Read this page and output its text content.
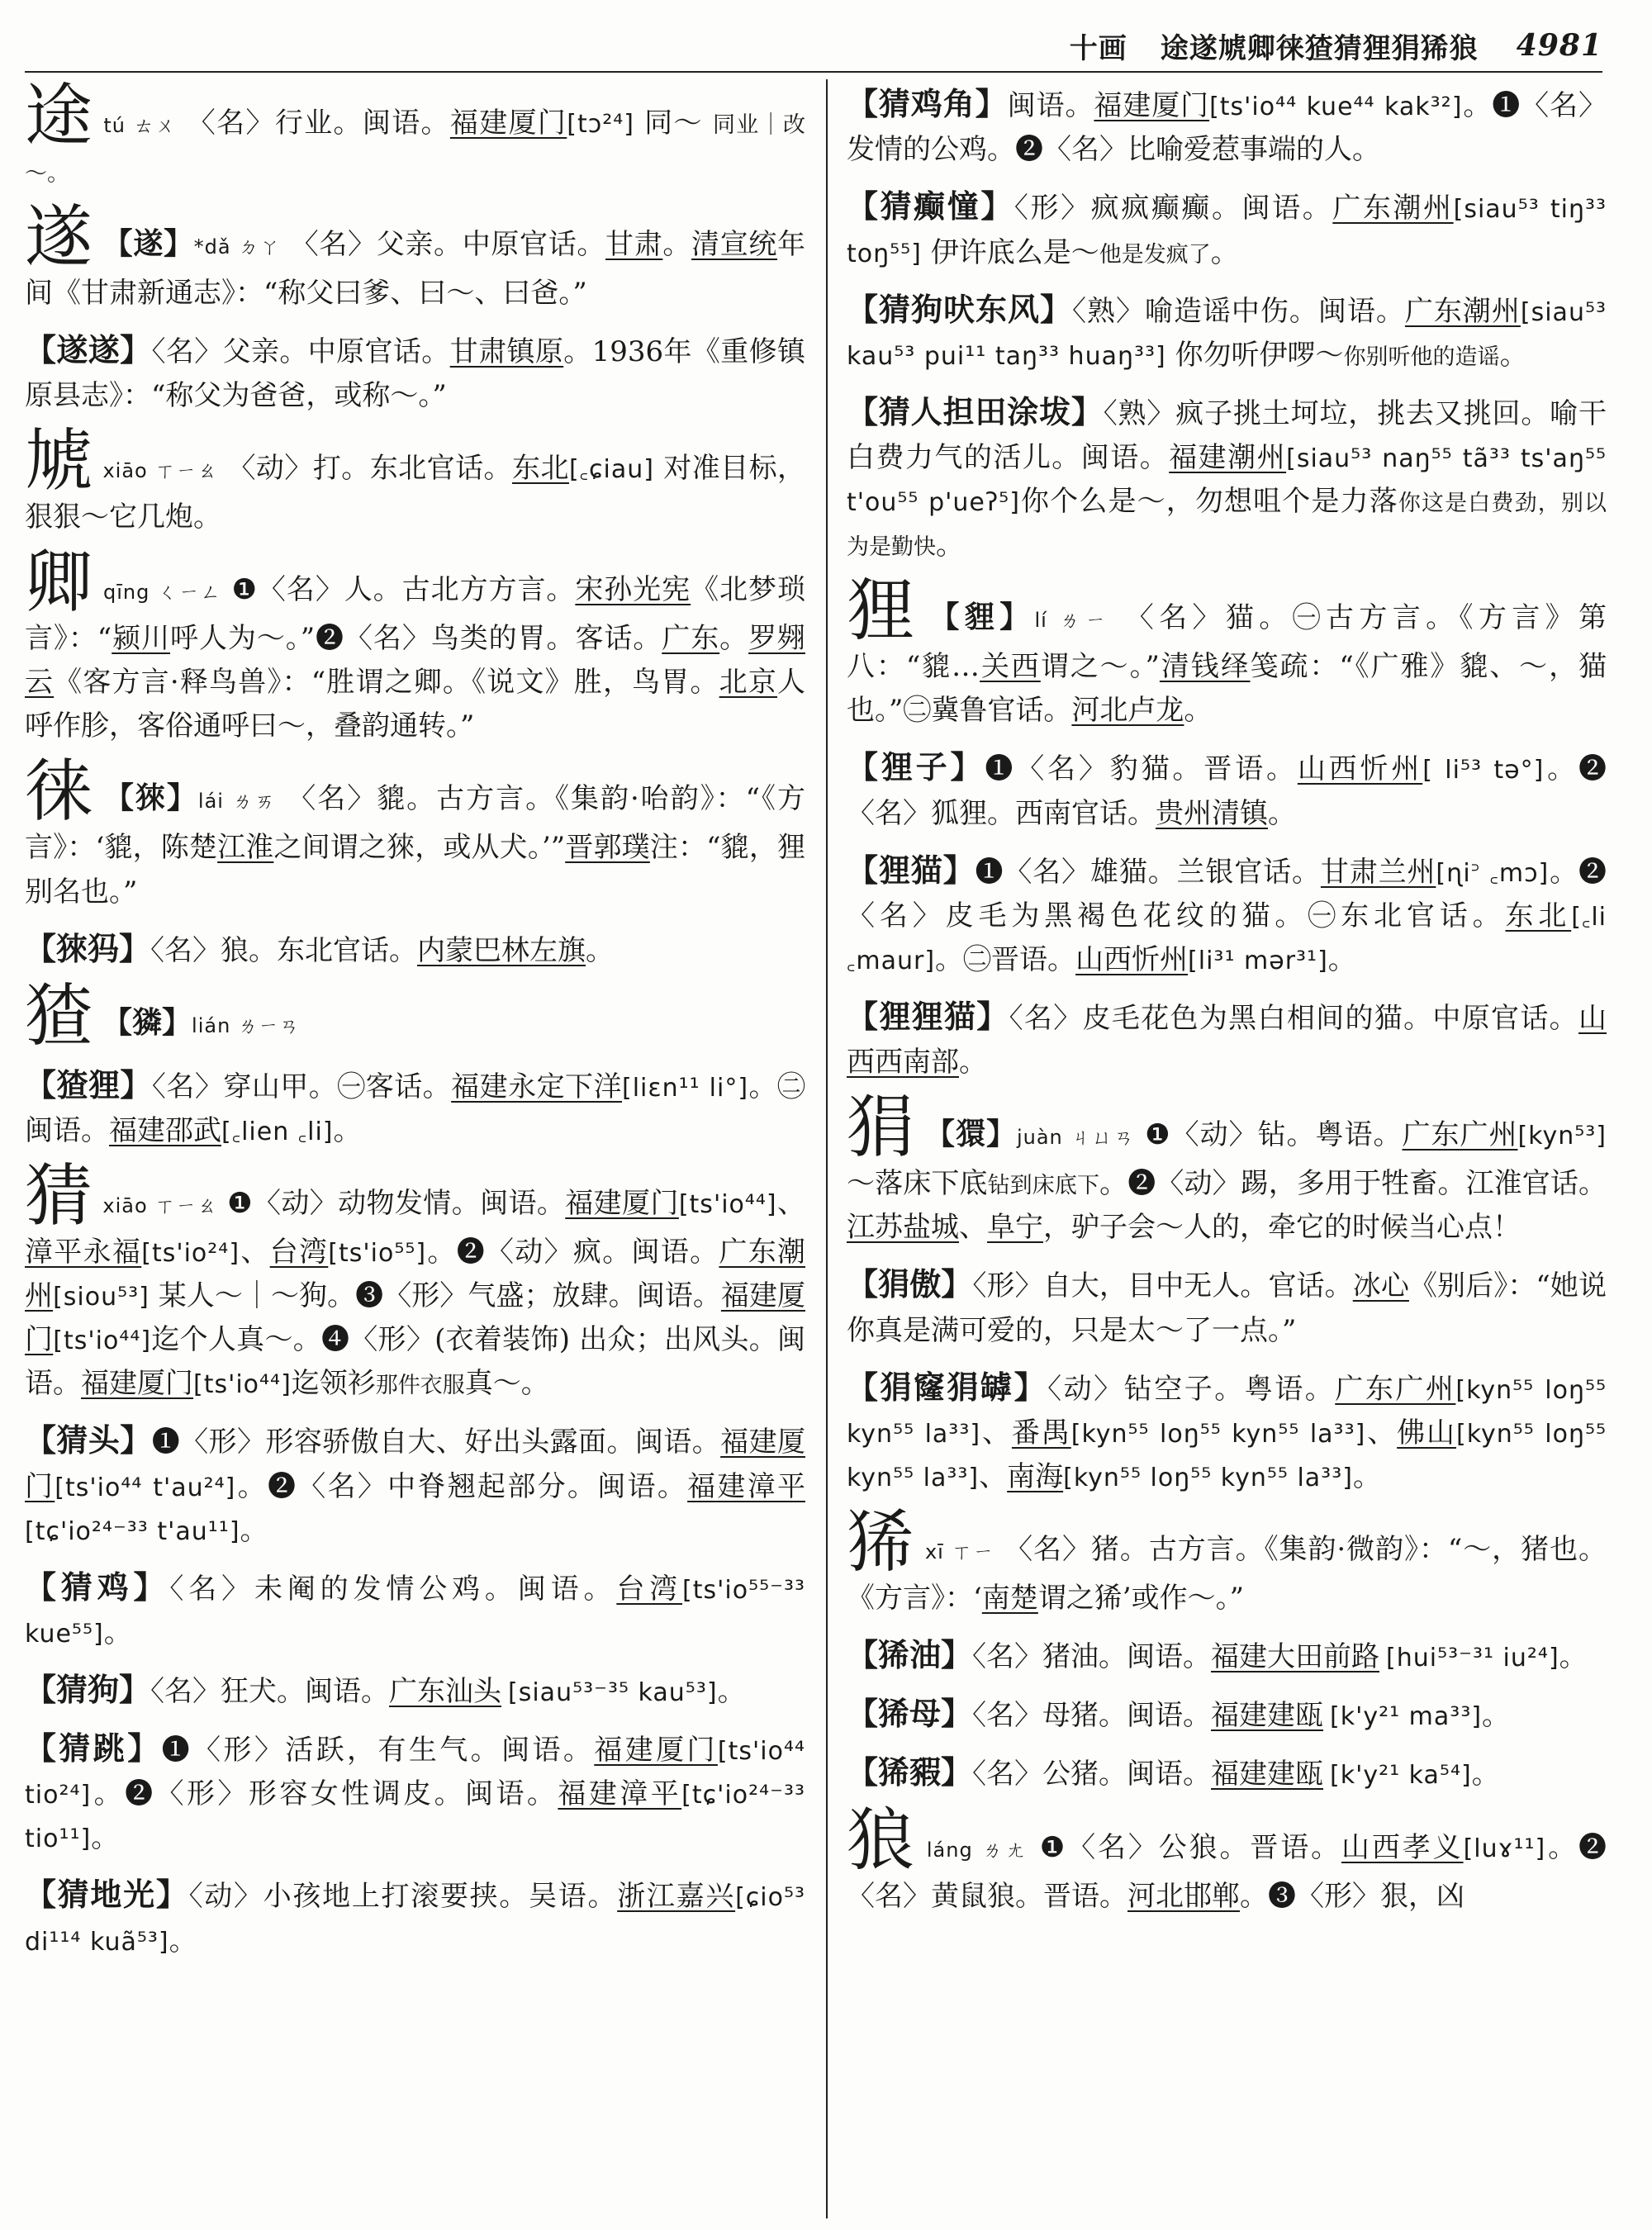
十画 途遂虓卿徕猹猜狸狷狶狼 4981

途tú ㄊㄨ 〈名〉行业。闽语。福建厦门[tɔ²⁴] 同～ 同业｜改～。

遂 【遂】*dǎ ㄉㄚ 〈名〉父亲。中原官话。甘肃。清宣统年间《甘肃新通志》：“称父曰爹、曰～、曰爸。”

【遂遂】〈名〉父亲。中原官话。甘肃镇原。1936年《重修镇原县志》：“称父为爸爸，或称～。”

虓xiāo ㄒㄧㄠ 〈动〉打。东北官话。东北[꜀ɕiau] 对准目标，狠狠～它几炮。

卿qīng ㄑㄧㄥ ❶〈名〉人。古北方方言。宋孙光宪《北梦琐言》：“颍川呼人为～。”❷〈名〉鸟类的胃。客话。广东。罗翙云《客方言·释鸟兽》：“胜谓之卿。《说文》胜，鸟胃。北京人呼作胗，客俗通呼曰～，叠韵通转。”

徕 【猍】lái ㄌㄞ 〈名〉貔。古方言。《集韵·咍韵》：“《方言》：‘貔，陈楚江淮之间谓之猍，或从犬。’”晋郭璞注：“貔，狸别名也。”

【猍犸】〈名〉狼。东北官话。内蒙巴林左旗。

猹 【獜】lián ㄌㄧㄢ

【猹狸】〈名〉穿山甲。㊀客话。福建永定下洋[liɛn¹¹ li°]。㊁闽语。福建邵武[꜀lien ꜀li]。

猜xiāo ㄒㄧㄠ ❶〈动〉动物发情。闽语。福建厦门[ts'io⁴⁴]、漳平永福[ts'io²⁴]、台湾[ts'io⁵⁵]。❷〈动〉疯。闽语。广东潮州[siou⁵³] 某人～｜～狗。❸〈形〉气盛；放肆。闽语。福建厦门[ts'io⁴⁴]迄个人真～。❹〈形〉(衣着装饰) 出众；出风头。闽语。福建厦门[ts'io⁴⁴]迄领衫那件衣服真～。

【猜头】❶〈形〉形容骄傲自大、好出头露面。闽语。福建厦门[ts'io⁴⁴ t'au²⁴]。❷〈名〉中脊翘起部分。闽语。福建漳平[tɕ'io²⁴⁻³³ t'au¹¹]。

【猜鸡】〈名〉未阉的发情公鸡。闽语。台湾[ts'io⁵⁵⁻³³ kue⁵⁵]。

【猜狗】〈名〉狂犬。闽语。广东汕头 [siau⁵³⁻³⁵ kau⁵³]。

【猜跳】❶〈形〉活跃，有生气。闽语。福建厦门[ts'io⁴⁴ tio²⁴]。❷〈形〉形容女性调皮。闽语。福建漳平[tɕ'io²⁴⁻³³ tio¹¹]。

【猜地光】〈动〉小孩地上打滚要挟。吴语。浙江嘉兴[ɕio⁵³ di¹¹⁴ kuã⁵³]。

【猜鸡角】闽语。福建厦门[ts'io⁴⁴ kue⁴⁴ kak³²]。❶〈名〉发情的公鸡。❷〈名〉比喻爱惹事端的人。

【猜癫憧】〈形〉疯疯癫癫。闽语。广东潮州[siau⁵³ tiŋ³³ toŋ⁵⁵] 伊许底么是～他是发疯了。

【猜狗吠东风】〈熟〉喻造谣中伤。闽语。广东潮州[siau⁵³ kau⁵³ pui¹¹ taŋ³³ huaŋ³³] 你勿听伊啰～你别听他的造谣。

【猜人担田涂坺】〈熟〉疯子挑土坷垃，挑去又挑回。喻干白费力气的活儿。闽语。福建潮州[siau⁵³ naŋ⁵⁵ tã³³ ts'aŋ⁵⁵ t'ou⁵⁵ p'ueʔ⁵]你个么是～，勿想咀个是力落你这是白费劲，别以为是勤快。

狸 【貍】lí ㄌㄧ 〈名〉猫。㊀古方言。《方言》第八：“貔…关西谓之～。”清钱绎笺疏：“《广雅》貔、～，猫也。”㊁冀鲁官话。河北卢龙。

【狸子】❶〈名〉豹猫。晋语。山西忻州[ li⁵³ tə°]。❷〈名〉狐狸。西南官话。贵州清镇。

【狸猫】❶〈名〉雄猫。兰银官话。甘肃兰州[ɳi꜄ ꜀mɔ]。❷〈名〉皮毛为黑褐色花纹的猫。㊀东北官话。东北[꜀li ꜀maur]。㊁晋语。山西忻州[li³¹ mər³¹]。

【狸狸猫】〈名〉皮毛花色为黑白相间的猫。中原官话。山西西南部。

狷 【獧】juàn ㄐㄩㄢ ❶〈动〉钻。粤语。广东广州[kyn⁵³] ～落床下底钻到床底下。❷〈动〉踢，多用于牲畜。江淮官话。江苏盐城、阜宁，驴子会～人的，牵它的时候当心点！

【狷傲】〈形〉自大，目中无人。官话。冰心《别后》：“她说你真是满可爱的，只是太～了一点。”

【狷窿狷罅】〈动〉钻空子。粤语。广东广州[kyn⁵⁵ loŋ⁵⁵ kyn⁵⁵ la³³]、番禺[kyn⁵⁵ loŋ⁵⁵ kyn⁵⁵ la³³]、佛山[kyn⁵⁵ loŋ⁵⁵ kyn⁵⁵ la³³]、南海[kyn⁵⁵ loŋ⁵⁵ kyn⁵⁵ la³³]。

狶xī ㄒㄧ 〈名〉猪。古方言。《集韵·微韵》：“～，猪也。《方言》：‘南楚谓之狶’或作～。”

【狶油】〈名〉猪油。闽语。福建大田前路 [hui⁵³⁻³¹ iu²⁴]。

【狶母】〈名〉母猪。闽语。福建建瓯 [k'y²¹ ma³³]。

【狶豭】〈名〉公猪。闽语。福建建瓯 [k'y²¹ ka⁵⁴]。

狼láng ㄌㄤ ❶〈名〉公狼。晋语。山西孝义[luɤ¹¹]。❷〈名〉黄鼠狼。晋语。河北邯郸。❸〈形〉狠，凶
